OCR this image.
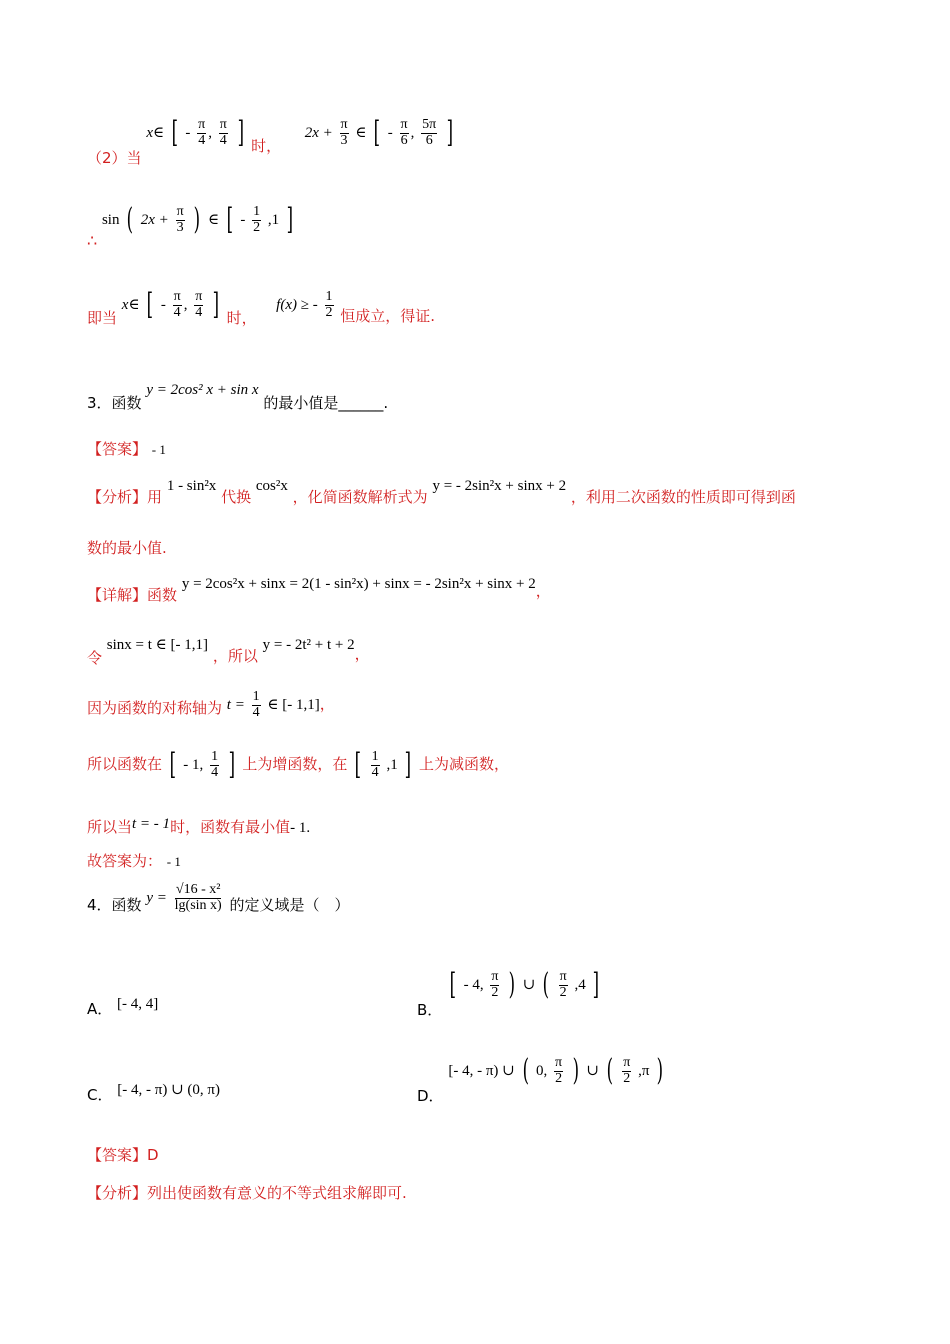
（2）当 x∈ [ - $\frac{\pi}{4}$ , $\frac{\pi}{4}$ ] 时，  $2x + \frac{\pi}{3}$ ∈ [ - $\frac{\pi}{6}$ , $\frac{5\pi}{6}$ ]
∴ sin ( $2x + \frac{\pi}{3}$ ) ∈ [ - $\frac{1}{2} ,1$ ]
即当 x∈ [ - $\frac{\pi}{4}$ , $\frac{\pi}{4}$ ] 时，  f(x) ≥ - $\frac{1}{2}$ 恒成立，得证.
3．函数 y = 2cos² x + sin x 的最小值是______.
【答案】 - 1
【分析】用 1 - sin²x 代换 cos²x ，化简函数解析式为 y = - 2sin²x + sinx + 2 ，利用二次函数的性质即可得到函
数的最小值.
【详解】函数 y = 2cos²x + sinx = 2(1 - sin²x) + sinx = - 2sin²x + sinx + 2，
令 sinx = t ∈ [- 1,1] ，所以 y = - 2t² + t + 2，
因为函数的对称轴为 $t = \frac{1}{4}$ ∈ [- 1,1]，
所以函数在 [ - 1, $\frac{1}{4}$ ] 上为增函数，在 [ $\frac{1}{4} ,1$ ] 上为减函数，
所以当t = - 1时，函数有最小值- 1.
故答案为： - 1
4．函数 $y = \frac{\text{√16 - x²}}{\text{lg(sin x)}}$ 的定义域是（　）
A． [- 4, 4]	B． [ - 4, $\frac{\pi}{2}$ ) ∪ ( $\frac{\pi}{2} ,4$ ]
C． [- 4, - π) ∪ (0, π)	D． [- 4, - π) ∪ ( 0, $\frac{\pi}{2}$ ) ∪ ( $\frac{\pi}{2} ,\pi$ )
【答案】D
【分析】列出使函数有意义的不等式组求解即可.
